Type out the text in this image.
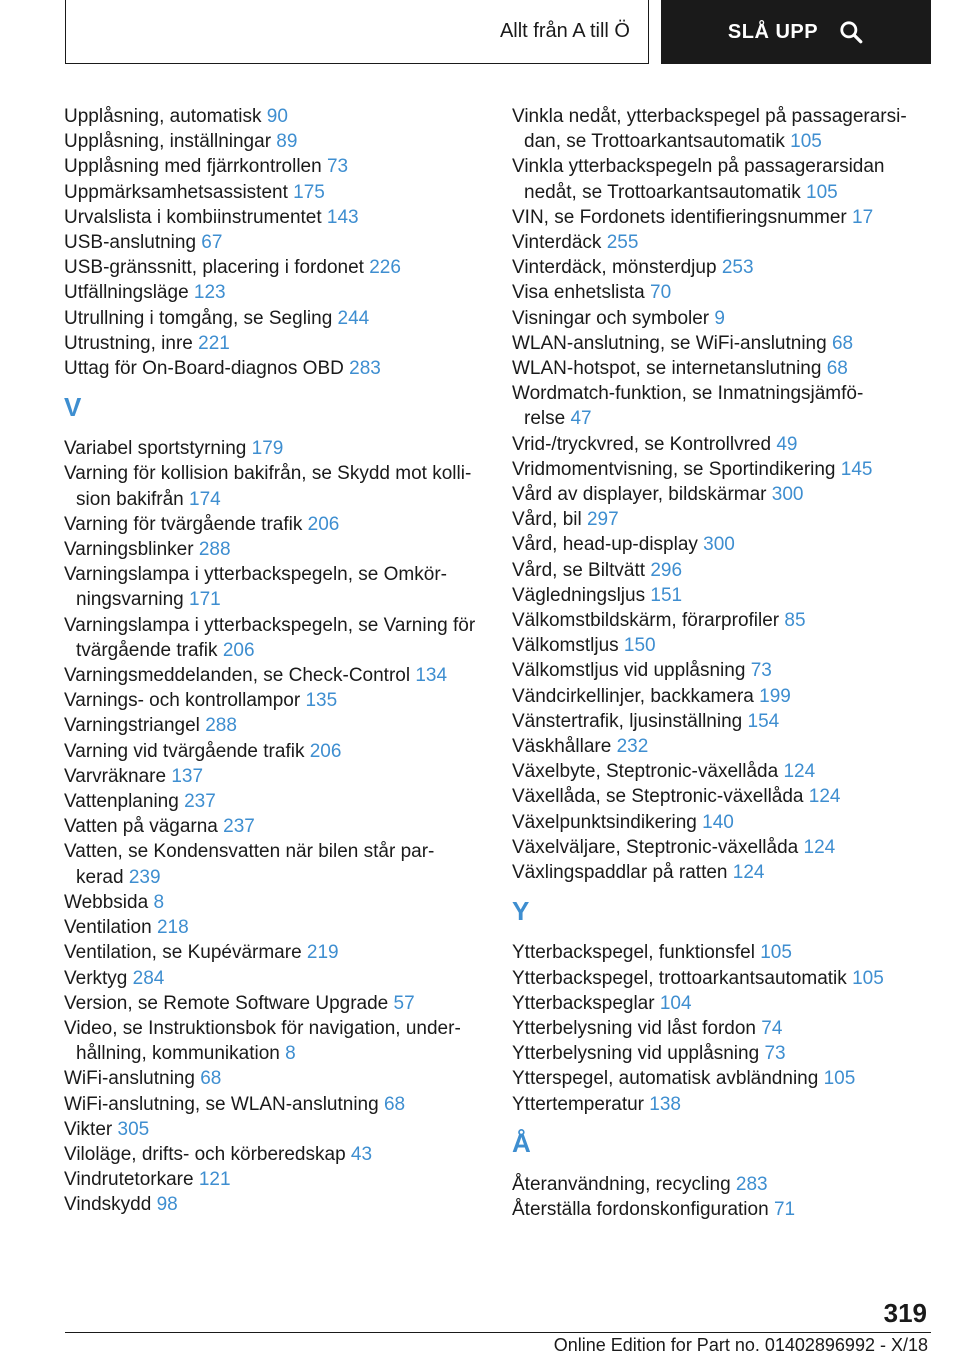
Allt från A till Ö	SLÅ UPP
Upplåsning, automatisk 90
Upplåsning, inställningar 89
Upplåsning med fjärrkontrollen 73
Uppmärksamhetsassistent 175
Urvalslista i kombiinstrumentet 143
USB-anslutning 67
USB-gränssnitt, placering i fordonet 226
Utfällningsläge 123
Utrullning i tomgång, se Segling 244
Utrustning, inre 221
Uttag för On-Board-diagnos OBD 283
V
Variabel sportstyrning 179
Varning för kollision bakifrån, se Skydd mot kolli-
sion bakifrån 174
Varning för tvärgående trafik 206
Varningsblinker 288
Varningslampa i ytterbackspegeln, se Omkör-
ningsvarning 171
Varningslampa i ytterbackspegeln, se Varning för
tvärgående trafik 206
Varningsmeddelanden, se Check-Control 134
Varnings- och kontrollampor 135
Varningstriangel 288
Varning vid tvärgående trafik 206
Varvräknare 137
Vattenplaning 237
Vatten på vägarna 237
Vatten, se Kondensvatten när bilen står par-
kerad 239
Webbsida 8
Ventilation 218
Ventilation, se Kupévärmare 219
Verktyg 284
Version, se Remote Software Upgrade 57
Video, se Instruktionsbok för navigation, under-
hållning, kommunikation 8
WiFi-anslutning 68
WiFi-anslutning, se WLAN-anslutning 68
Vikter 305
Viloläge, drifts- och körberedskap 43
Vindrutetorkare 121
Vindskydd 98
Vinkla nedåt, ytterbackspegel på passagerarsi-
dan, se Trottoarkantsautomatik 105
Vinkla ytterbackspegeln på passagerarsidan
nedåt, se Trottoarkantsautomatik 105
VIN, se Fordonets identifieringsnummer 17
Vinterdäck 255
Vinterdäck, mönsterdjup 253
Visa enhetslista 70
Visningar och symboler 9
WLAN-anslutning, se WiFi-anslutning 68
WLAN-hotspot, se internetanslutning 68
Wordmatch-funktion, se Inmatningsjämfö-
relse 47
Vrid-/tryckvred, se Kontrollvred 49
Vridmomentvisning, se Sportindikering 145
Vård av displayer, bildskärmar 300
Vård, bil 297
Vård, head-up-display 300
Vård, se Biltvätt 296
Vägledningsljus 151
Välkomstbildskärm, förarprofiler 85
Välkomstljus 150
Välkomstljus vid upplåsning 73
Vändcirkellinjer, backkamera 199
Vänstertrafik, ljusinställning 154
Väskhållare 232
Växelbyte, Steptronic-växellåda 124
Växellåda, se Steptronic-växellåda 124
Växelpunktsindikering 140
Växelväljare, Steptronic-växellåda 124
Växlingspaddlar på ratten 124
Y
Ytterbackspegel, funktionsfel 105
Ytterbackspegel, trottoarkantsautomatik 105
Ytterbackspeglar 104
Ytterbelysning vid låst fordon 74
Ytterbelysning vid upplåsning 73
Ytterspegel, automatisk avbländning 105
Yttertemperatur 138
Å
Återanvändning, recycling 283
Återställa fordonskonfiguration 71
319
Online Edition for Part no. 01402896992 - X/18
